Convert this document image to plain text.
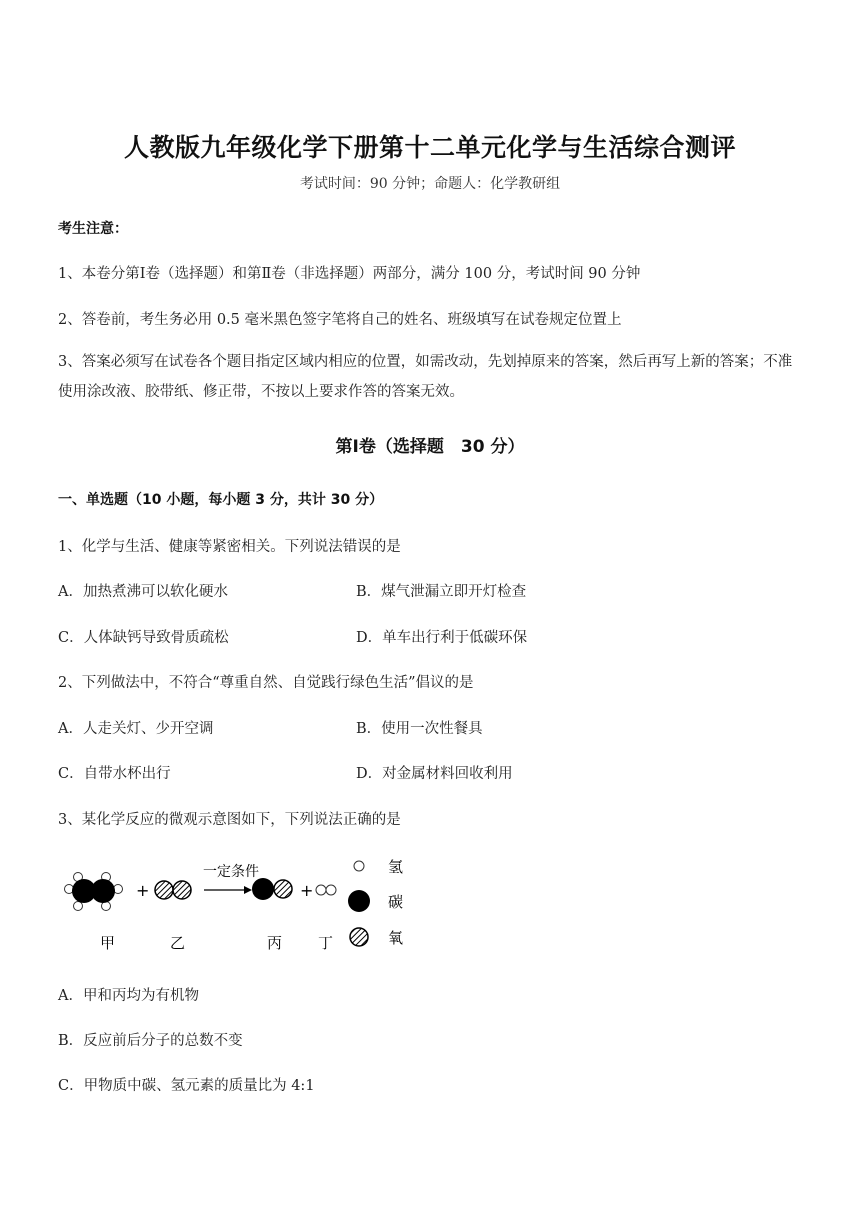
人教版九年级化学下册第十二单元化学与生活综合测评
考试时间：90 分钟；命题人：化学教研组
考生注意：
1、本卷分第Ⅰ卷（选择题）和第Ⅱ卷（非选择题）两部分，满分 100 分，考试时间 90 分钟
2、答卷前，考生务必用 0.5 毫米黑色签字笔将自己的姓名、班级填写在试卷规定位置上
3、答案必须写在试卷各个题目指定区域内相应的位置，如需改动，先划掉原来的答案，然后再写上新的答案；不准使用涂改液、胶带纸、修正带，不按以上要求作答的答案无效。
第Ⅰ卷（选择题　30 分）
一、单选题（10 小题，每小题 3 分，共计 30 分）
1、化学与生活、健康等紧密相关。下列说法错误的是
A．加热煮沸可以软化硬水	B．煤气泄漏立即开灯检查
C．人体缺钙导致骨质疏松	D．单车出行利于低碳环保
2、下列做法中，不符合“尊重自然、自觉践行绿色生活”倡议的是
A．人走关灯、少开空调	B．使用一次性餐具
C．自带水杯出行	D．对金属材料回收利用
3、某化学反应的微观示意图如下，下列说法正确的是
+
一定条件
+
甲	乙	丙 丁
氢
碳
氧
A．甲和丙均为有机物
B．反应前后分子的总数不变
C．甲物质中碳、氢元素的质量比为 4:1
